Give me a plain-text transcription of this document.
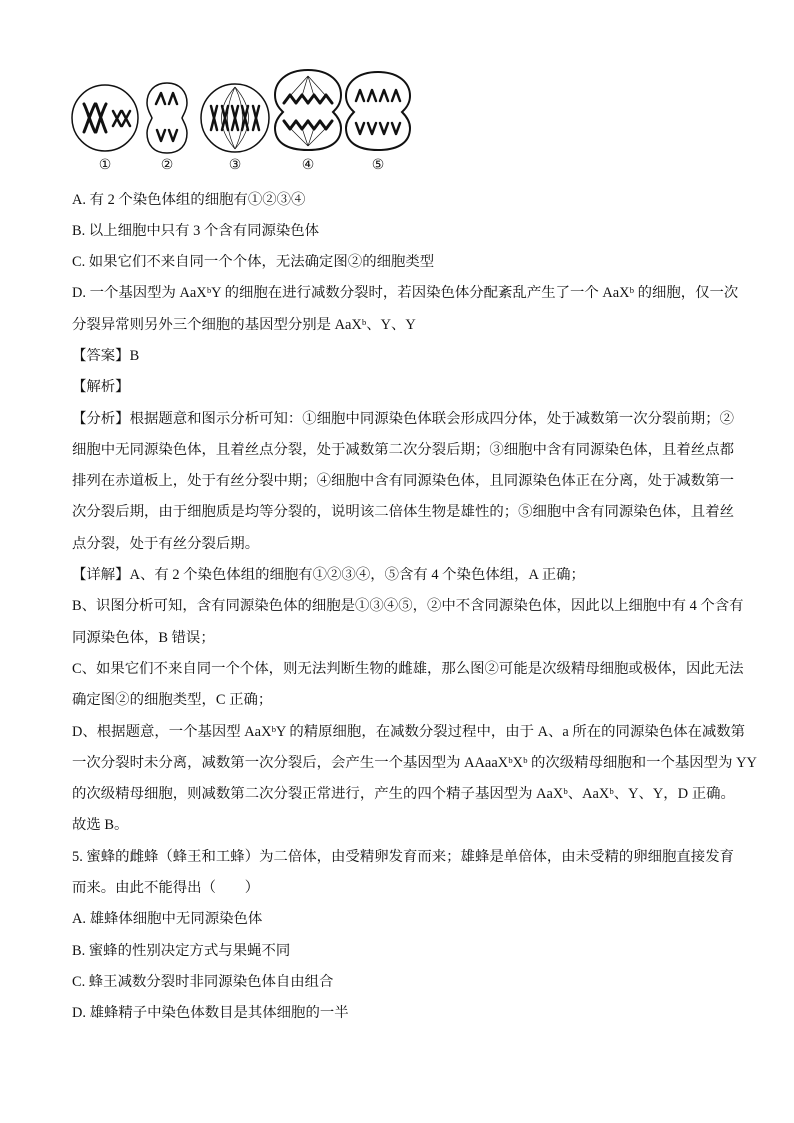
①	②	③	④	⑤
A. 有 2 个染色体组的细胞有①②③④
B. 以上细胞中只有 3 个含有同源染色体
C. 如果它们不来自同一个个体，无法确定图②的细胞类型
D. 一个基因型为 AaXᵇY 的细胞在进行减数分裂时，若因染色体分配紊乱产生了一个 AaXᵇ 的细胞，仅一次
分裂异常则另外三个细胞的基因型分别是 AaXᵇ、Y、Y
【答案】B
【解析】
【分析】根据题意和图示分析可知：①细胞中同源染色体联会形成四分体，处于减数第一次分裂前期；②
细胞中无同源染色体，且着丝点分裂，处于减数第二次分裂后期；③细胞中含有同源染色体，且着丝点都
排列在赤道板上，处于有丝分裂中期；④细胞中含有同源染色体，且同源染色体正在分离，处于减数第一
次分裂后期，由于细胞质是均等分裂的，说明该二倍体生物是雄性的；⑤细胞中含有同源染色体，且着丝
点分裂，处于有丝分裂后期。
【详解】A、有 2 个染色体组的细胞有①②③④，⑤含有 4 个染色体组，A 正确；
B、识图分析可知，含有同源染色体的细胞是①③④⑤，②中不含同源染色体，因此以上细胞中有 4 个含有
同源染色体，B 错误；
C、如果它们不来自同一个个体，则无法判断生物的雌雄，那么图②可能是次级精母细胞或极体，因此无法
确定图②的细胞类型，C 正确；
D、根据题意，一个基因型 AaXᵇY 的精原细胞，在减数分裂过程中，由于 A、a 所在的同源染色体在减数第
一次分裂时未分离，减数第一次分裂后，会产生一个基因型为 AAaaXᵇXᵇ 的次级精母细胞和一个基因型为 YY
的次级精母细胞，则减数第二次分裂正常进行，产生的四个精子基因型为 AaXᵇ、AaXᵇ、Y、Y，D 正确。
故选 B。
5. 蜜蜂的雌蜂（蜂王和工蜂）为二倍体，由受精卵发育而来；雄蜂是单倍体，由未受精的卵细胞直接发育
而来。由此不能得出（　　）
A. 雄蜂体细胞中无同源染色体
B. 蜜蜂的性别决定方式与果蝇不同
C. 蜂王减数分裂时非同源染色体自由组合
D. 雄蜂精子中染色体数目是其体细胞的一半
